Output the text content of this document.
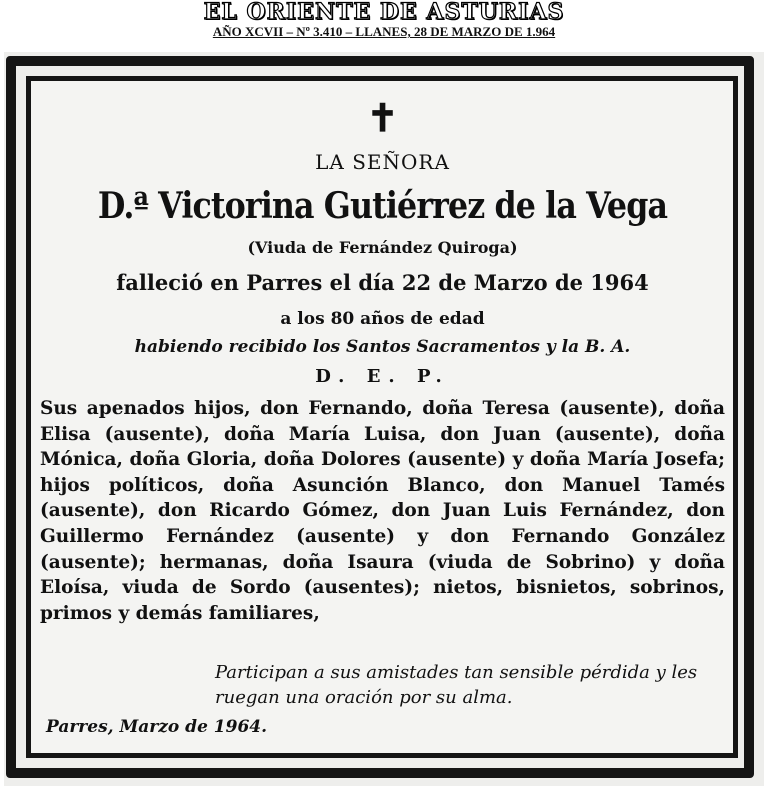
EL ORIENTE DE ASTURIAS
AÑO XCVII – Nº 3.410 – LLANES, 28 DE MARZO DE 1.964
✝
LA SEÑORA
D.ª Victorina Gutiérrez de la Vega
(Viuda de Fernández Quiroga)
falleció en Parres el día 22 de Marzo de 1964
a los 80 años de edad
habiendo recibido los Santos Sacramentos y la B. A.
D. E. P.
Sus apenados hijos, don Fernando, doña Teresa (ausente), doña Elisa (ausente), doña María Luisa, don Juan (ausente), doña Mónica, doña Gloria, doña Dolores (ausente) y doña María Josefa; hijos políticos, doña Asunción Blanco, don Manuel Tamés (ausente), don Ricardo Gómez, don Juan Luis Fernández, don Guillermo Fernández (ausente) y don Fernando González (ausente); hermanas, doña Isaura (viuda de Sobrino) y doña Eloísa, viuda de Sordo (ausentes); nietos, bisnietos, sobrinos, primos y demás familiares,
Participan a sus amistades tan sensible pérdida y les ruegan una oración por su alma.
Parres, Marzo de 1964.
